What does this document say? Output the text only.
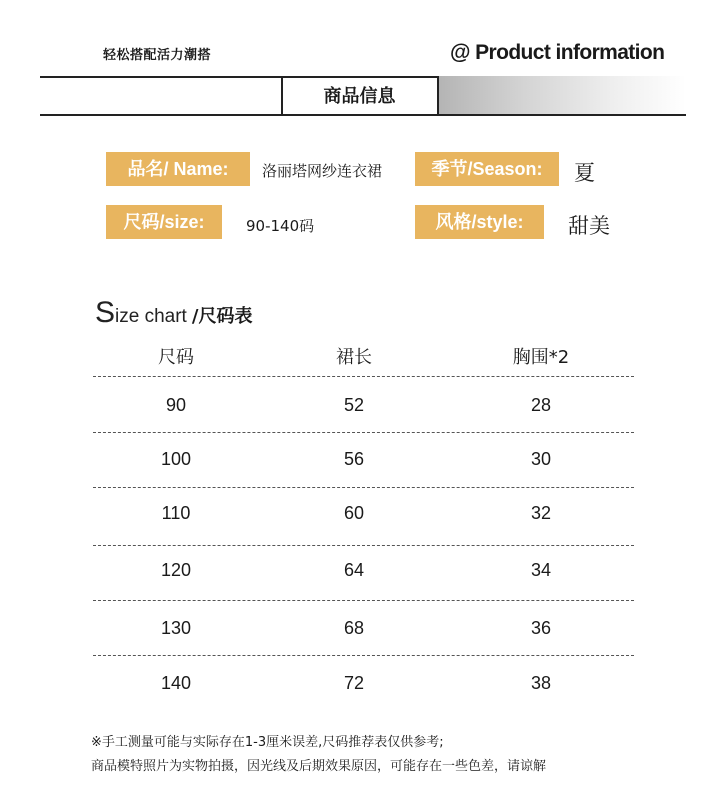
轻松搭配活力潮搭	@ Product information
商品信息
品名/ Name:	洛丽塔网纱连衣裙	季节/Season:	夏
尺码/size:	90-140码	风格/style:	甜美
Size chart /尺码表
尺码	裙长	胸围*2
90	52	28
100	56	30
110	60	32
120	64	34
130	68	36
140	72	38
※手工测量可能与实际存在1-3厘米误差,尺码推荐表仅供参考;
商品模特照片为实物拍摄，因光线及后期效果原因，可能存在一些色差，请谅解
